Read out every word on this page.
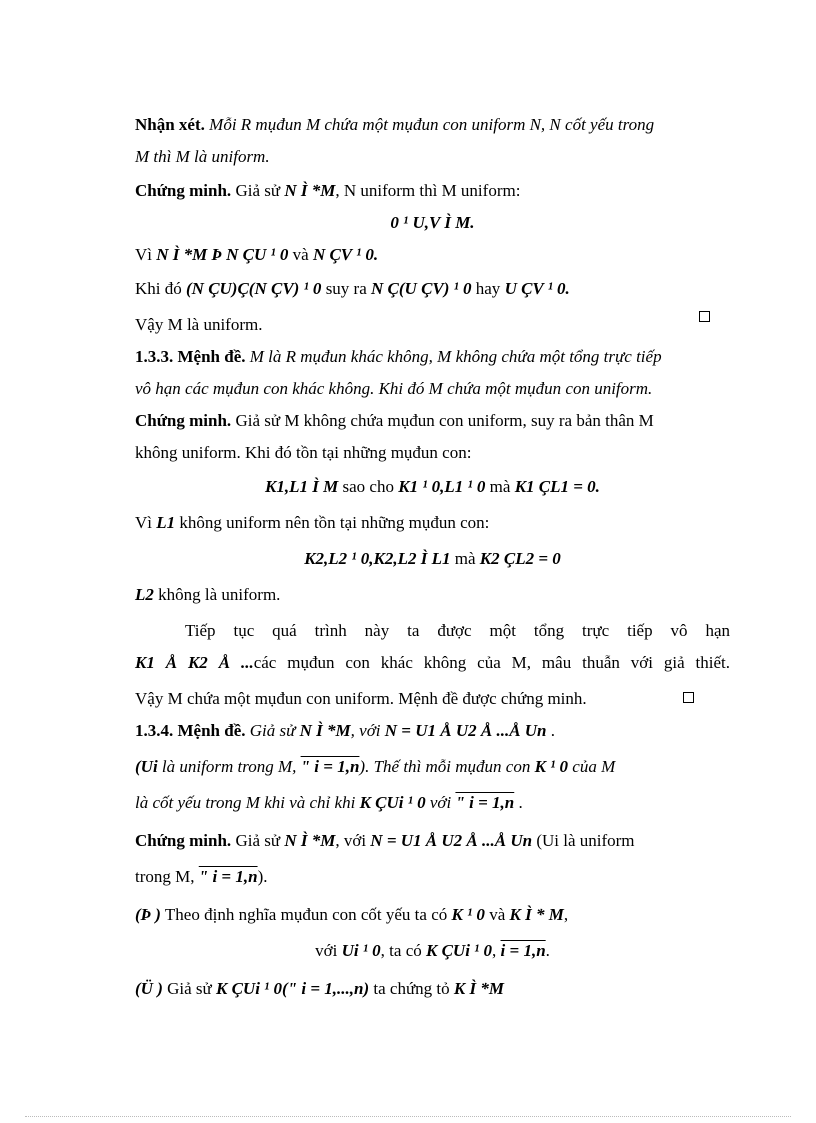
Nhận xét. Mỗi R mụđun M chứa một mụđun con uniform N, N cốt yếu trong
M thì M là uniform.
Chứng minh. Giả sử N Ì *M, N uniform thì M uniform:
0 ¹ U,V Ì M.
Vì N Ì *M Þ N ÇU ¹ 0 và N ÇV ¹ 0.
Khi đó (N ÇU)Ç(N ÇV) ¹ 0 suy ra N Ç(U ÇV) ¹ 0 hay U ÇV ¹ 0.
Vậy M là uniform.
1.3.3. Mệnh đề. M là R mụđun khác không, M không chứa một tổng trực tiếp
vô hạn các mụđun con khác không. Khi đó M chứa một mụđun con uniform.
Chứng minh. Giả sử M không chứa mụđun con uniform, suy ra bản thân M
không uniform. Khi đó tồn tại những mụđun con:
K1,L1 Ì M sao cho K1 ¹ 0,L1 ¹ 0 mà K1 ÇL1 = 0.
Vì L1 không uniform nên tồn tại những mụđun con:
K2,L2 ¹ 0,K2,L2 Ì L1 mà K2 ÇL2 = 0
L2 không là uniform.
Tiếp tục quá trình này ta được một tổng trực tiếp vô hạn
K1 Å K2 Å ...các mụđun con khác không của M, mâu thuẫn với giả thiết.
Vậy M chứa một mụđun con uniform. Mệnh đề được chứng minh.
1.3.4. Mệnh đề. Giả sử N Ì *M, với N = U1 Å U2 Å ...Å Un .
(Ui là uniform trong M, " i = 1,n). Thế thì mỗi mụđun con K ¹ 0 của M
là cốt yếu trong M khi và chỉ khi K ÇUi ¹ 0 với " i = 1,n .
Chứng minh. Giả sử N Ì *M, với N = U1 Å U2 Å ...Å Un (Ui là uniform
trong M, " i = 1,n).
(Þ ) Theo định nghĩa mụđun con cốt yếu ta có K ¹ 0 và K Ì * M,
với Ui ¹ 0, ta có K ÇUi ¹ 0, i = 1,n.
(Ü ) Giả sử K ÇUi ¹ 0(" i = 1,...,n) ta chứng tỏ K Ì *M
